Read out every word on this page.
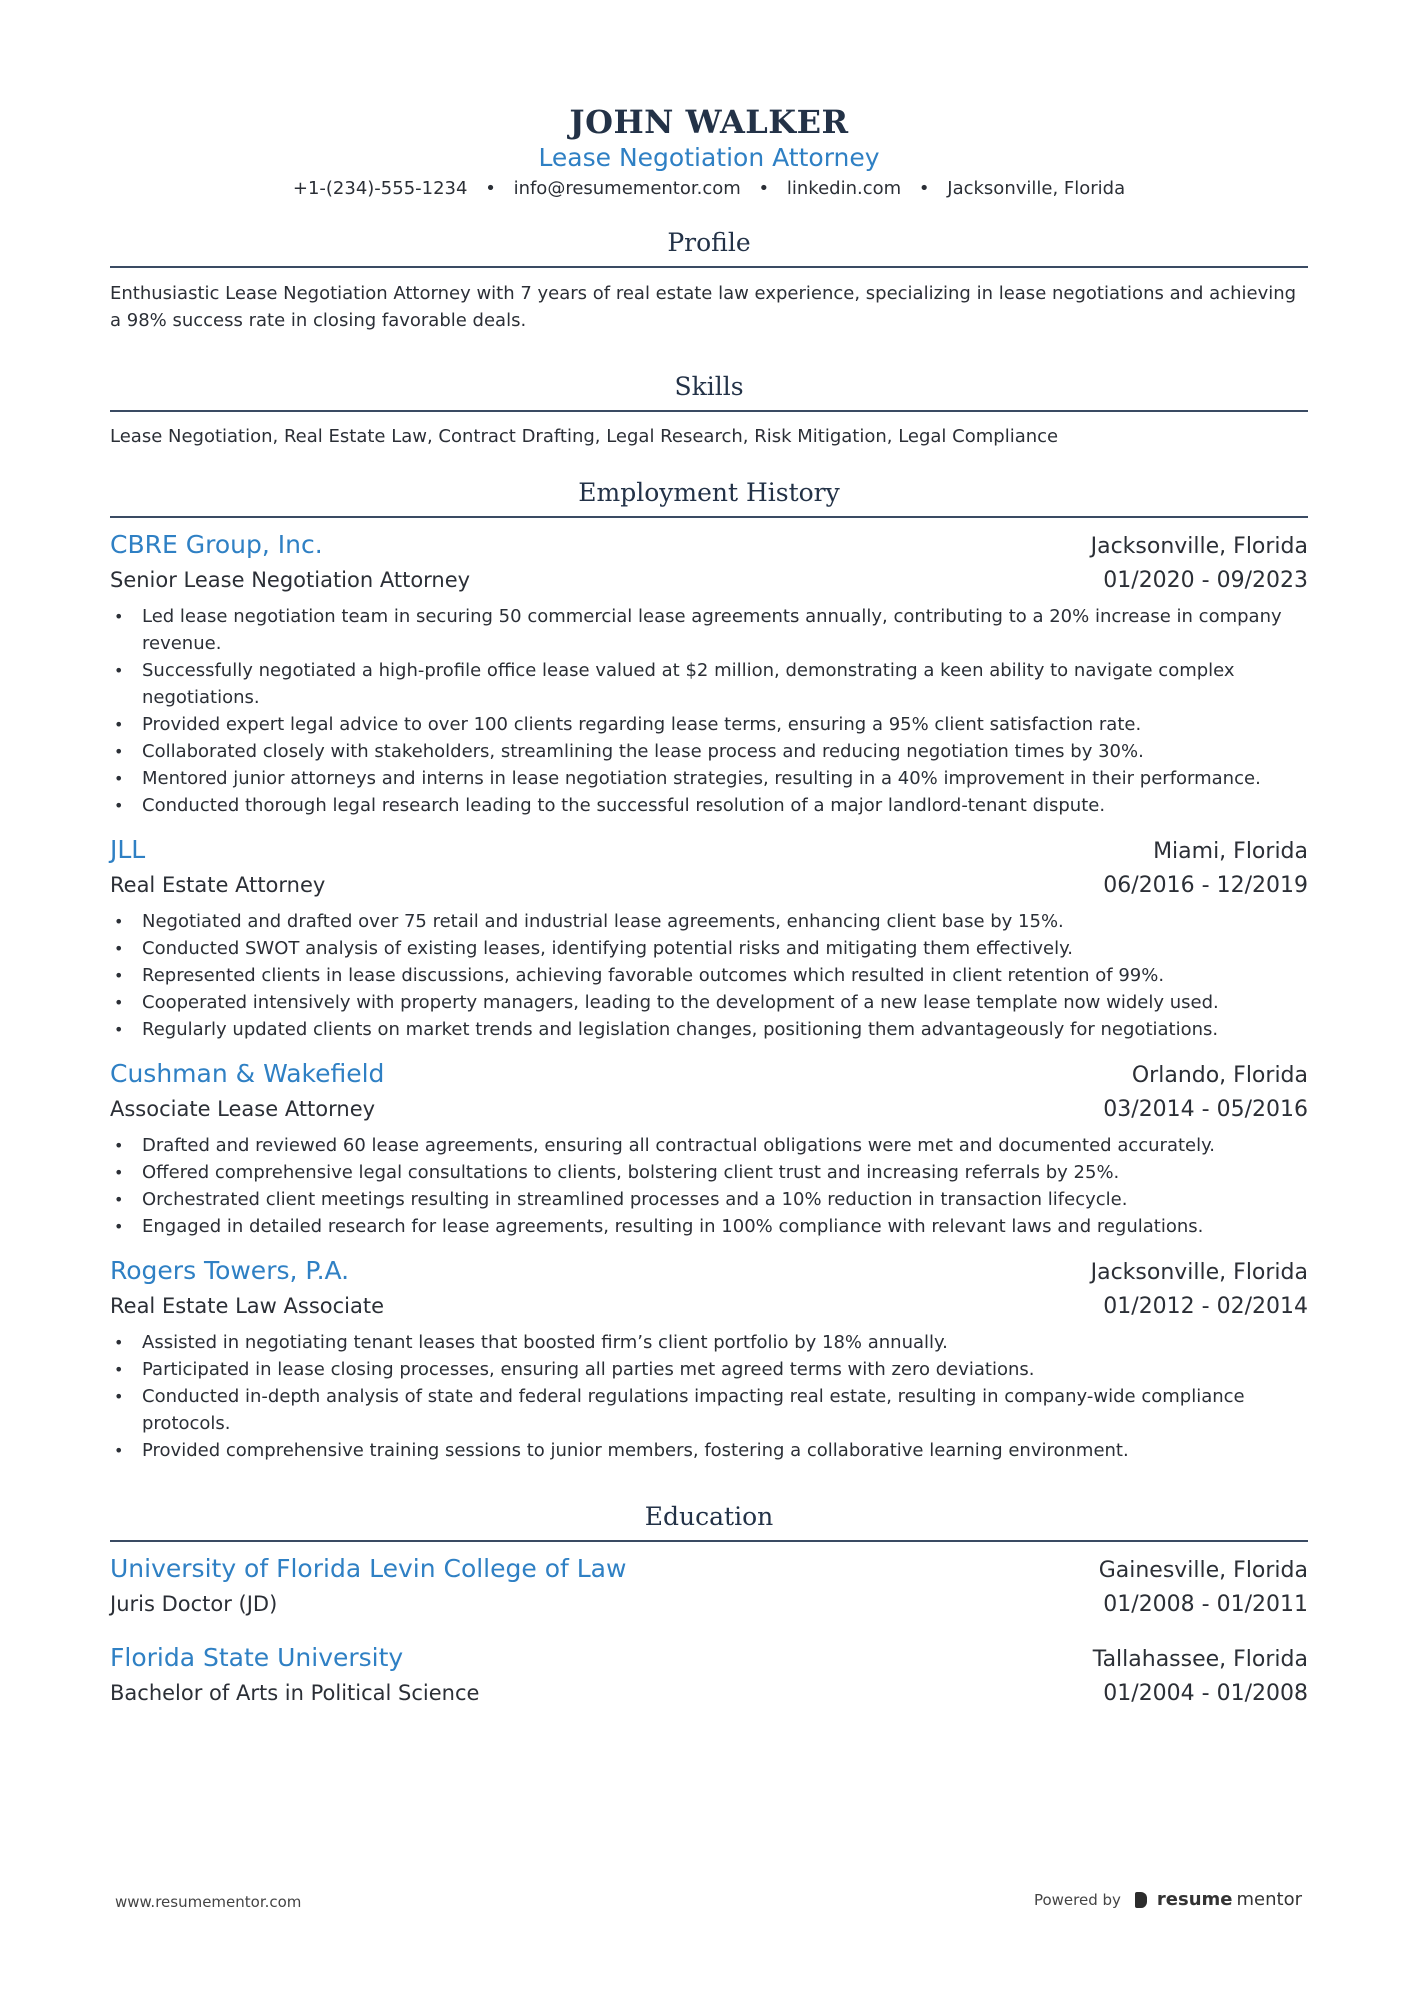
JOHN WALKER
Lease Negotiation Attorney
+1-(234)-555-1234 • info@resumementor.com • linkedin.com • Jacksonville, Florida
Profile
Enthusiastic Lease Negotiation Attorney with 7 years of real estate law experience, specializing in lease negotiations and achieving a 98% success rate in closing favorable deals.
Skills
Lease Negotiation, Real Estate Law, Contract Drafting, Legal Research, Risk Mitigation, Legal Compliance
Employment History
CBRE Group, Inc.	Jacksonville, Florida
Senior Lease Negotiation Attorney	01/2020 - 09/2023
• Led lease negotiation team in securing 50 commercial lease agreements annually, contributing to a 20% increase in company revenue.
• Successfully negotiated a high-profile office lease valued at $2 million, demonstrating a keen ability to navigate complex negotiations.
• Provided expert legal advice to over 100 clients regarding lease terms, ensuring a 95% client satisfaction rate.
• Collaborated closely with stakeholders, streamlining the lease process and reducing negotiation times by 30%.
• Mentored junior attorneys and interns in lease negotiation strategies, resulting in a 40% improvement in their performance.
• Conducted thorough legal research leading to the successful resolution of a major landlord-tenant dispute.
JLL	Miami, Florida
Real Estate Attorney	06/2016 - 12/2019
• Negotiated and drafted over 75 retail and industrial lease agreements, enhancing client base by 15%.
• Conducted SWOT analysis of existing leases, identifying potential risks and mitigating them effectively.
• Represented clients in lease discussions, achieving favorable outcomes which resulted in client retention of 99%.
• Cooperated intensively with property managers, leading to the development of a new lease template now widely used.
• Regularly updated clients on market trends and legislation changes, positioning them advantageously for negotiations.
Cushman & Wakefield	Orlando, Florida
Associate Lease Attorney	03/2014 - 05/2016
• Drafted and reviewed 60 lease agreements, ensuring all contractual obligations were met and documented accurately.
• Offered comprehensive legal consultations to clients, bolstering client trust and increasing referrals by 25%.
• Orchestrated client meetings resulting in streamlined processes and a 10% reduction in transaction lifecycle.
• Engaged in detailed research for lease agreements, resulting in 100% compliance with relevant laws and regulations.
Rogers Towers, P.A.	Jacksonville, Florida
Real Estate Law Associate	01/2012 - 02/2014
• Assisted in negotiating tenant leases that boosted firm’s client portfolio by 18% annually.
• Participated in lease closing processes, ensuring all parties met agreed terms with zero deviations.
• Conducted in-depth analysis of state and federal regulations impacting real estate, resulting in company-wide compliance protocols.
• Provided comprehensive training sessions to junior members, fostering a collaborative learning environment.
Education
University of Florida Levin College of Law	Gainesville, Florida
Juris Doctor (JD)	01/2008 - 01/2011
Florida State University	Tallahassee, Florida
Bachelor of Arts in Political Science	01/2004 - 01/2008
www.resumementor.com	Powered by resume mentor
